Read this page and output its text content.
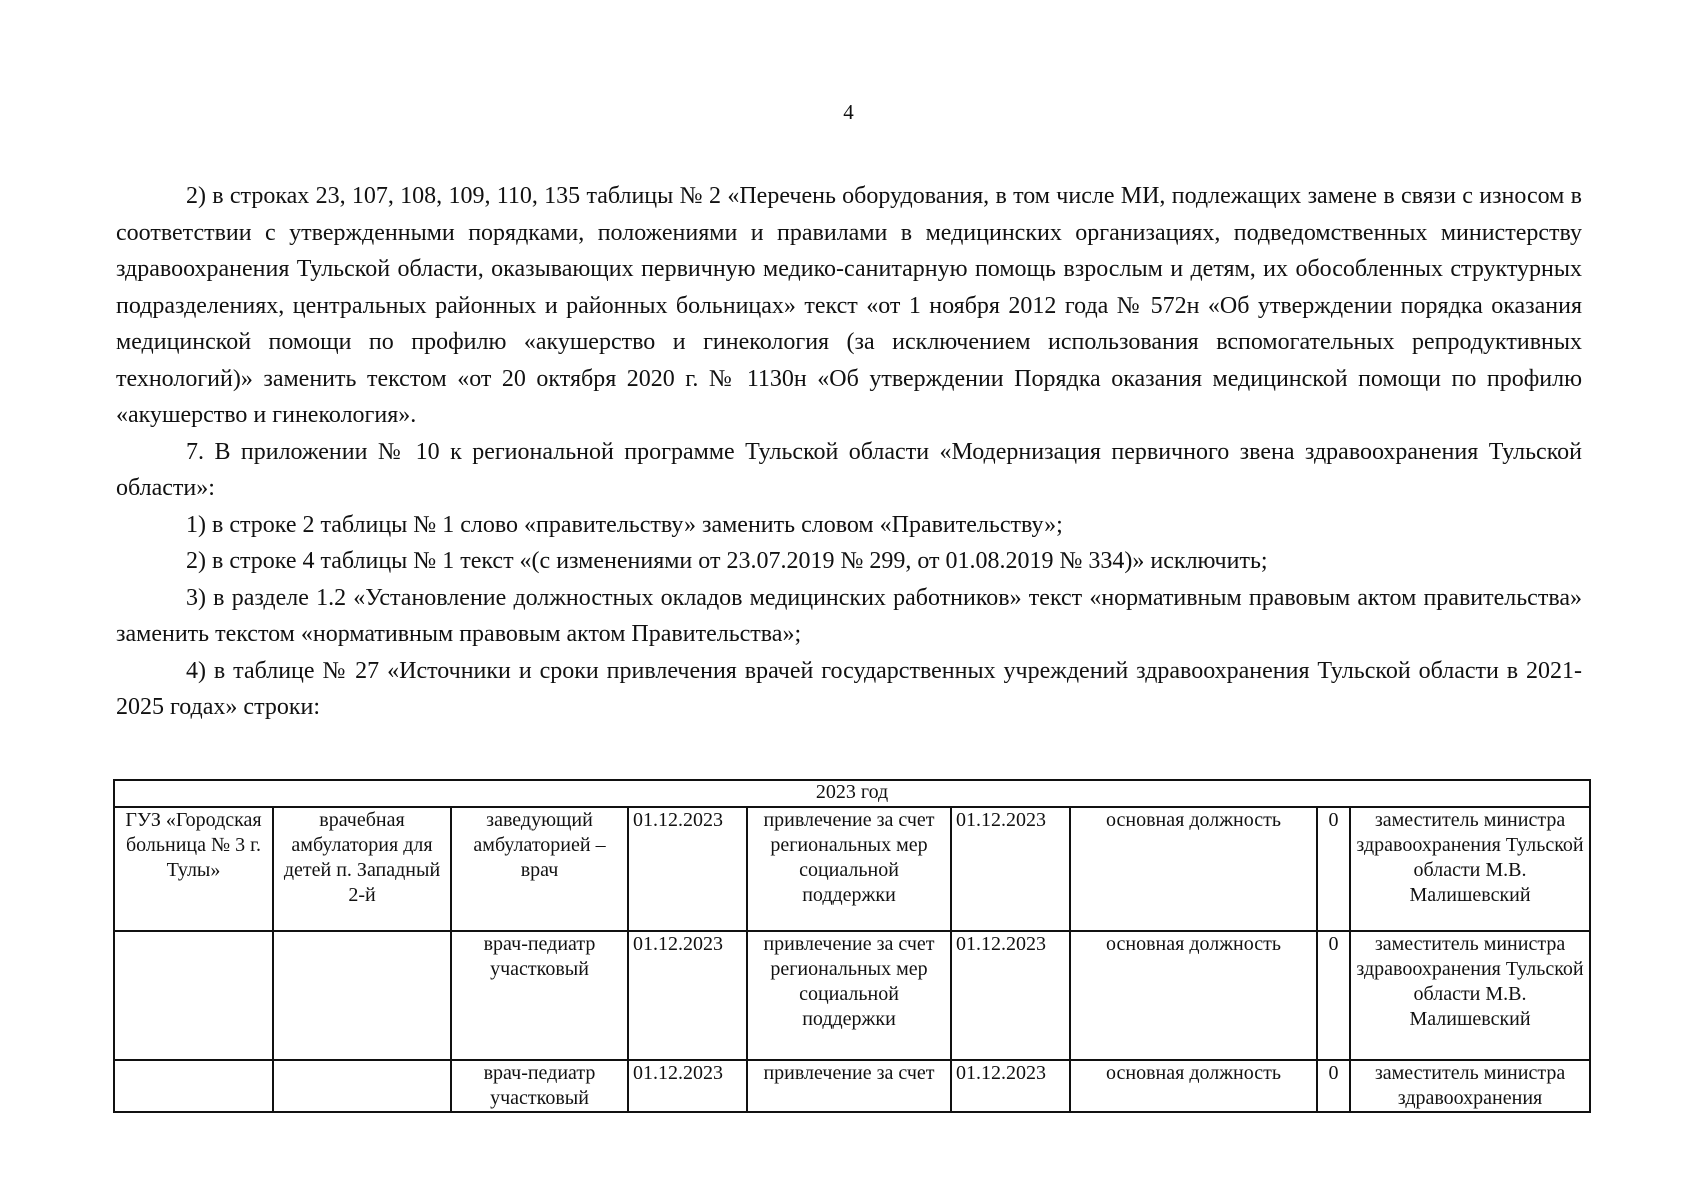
4

2) в строках 23, 107, 108, 109, 110, 135 таблицы № 2 «Перечень оборудования, в том числе МИ, подлежащих замене в связи с износом в соответствии с утвержденными порядками, положениями и правилами в медицинских организациях, подведомственных министерству здравоохранения Тульской области, оказывающих первичную медико-санитарную помощь взрослым и детям, их обособленных структурных подразделениях, центральных районных и районных больницах» текст «от 1 ноября 2012 года № 572н «Об утверждении порядка оказания медицинской помощи по профилю «акушерство и гинекология (за исключением использования вспомогательных репродуктивных технологий)» заменить текстом «от 20 октября 2020 г. № 1130н «Об утверждении Порядка оказания медицинской помощи по профилю «акушерство и гинекология».

7. В приложении № 10 к региональной программе Тульской области «Модернизация первичного звена здравоохранения Тульской области»:

1) в строке 2 таблицы № 1 слово «правительству» заменить словом «Правительству»;

2) в строке 4 таблицы № 1 текст «(с изменениями от 23.07.2019 № 299, от 01.08.2019 № 334)» исключить;

3) в разделе 1.2 «Установление должностных окладов медицинских работников» текст «нормативным правовым актом правительства» заменить текстом «нормативным правовым актом Правительства»;

4) в таблице № 27 «Источники и сроки привлечения врачей государственных учреждений здравоохранения Тульской области в 2021-2025 годах» строки:

2023 год								
ГУЗ «Городская больница № 3 г. Тулы»	врачебная амбулатория для детей п. Западный 2-й	заведующий амбулаторией – врач	01.12.2023	привлечение за счет региональных мер социальной поддержки	01.12.2023	основная должность	0	заместитель министра здравоохранения Тульской области М.В. Малишевский
		врач-педиатр участковый	01.12.2023	привлечение за счет региональных мер социальной поддержки	01.12.2023	основная должность	0	заместитель министра здравоохранения Тульской области М.В. Малишевский
		врач-педиатр участковый	01.12.2023	привлечение за счет	01.12.2023	основная должность	0	заместитель министра здравоохранения
